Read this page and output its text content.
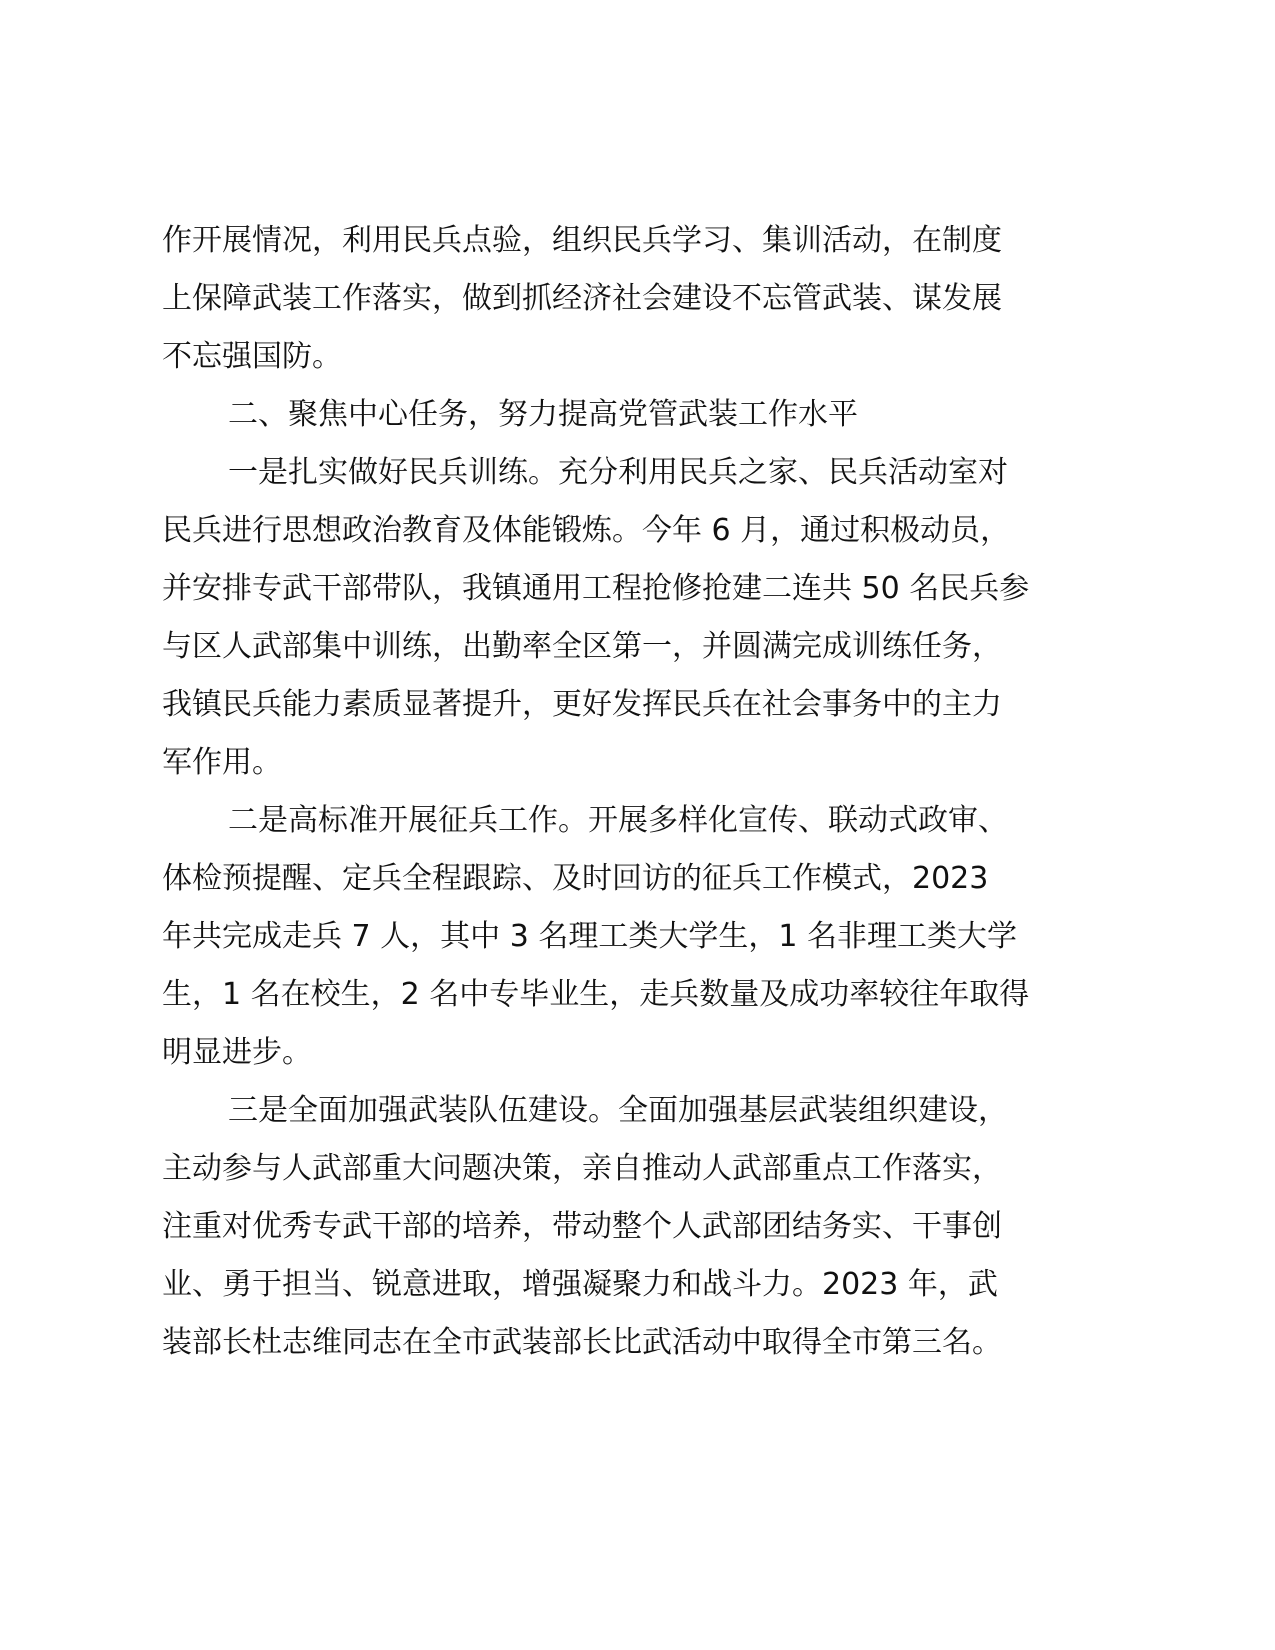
作开展情况，利用民兵点验，组织民兵学习、集训活动，在制度
上保障武装工作落实，做到抓经济社会建设不忘管武装、谋发展
不忘强国防。
二、聚焦中心任务，努力提高党管武装工作水平
一是扎实做好民兵训练。充分利用民兵之家、民兵活动室对
民兵进行思想政治教育及体能锻炼。今年 6 月，通过积极动员，
并安排专武干部带队，我镇通用工程抢修抢建二连共 50 名民兵参
与区人武部集中训练，出勤率全区第一，并圆满完成训练任务，
我镇民兵能力素质显著提升，更好发挥民兵在社会事务中的主力
军作用。
二是高标准开展征兵工作。开展多样化宣传、联动式政审、
体检预提醒、定兵全程跟踪、及时回访的征兵工作模式，2023
年共完成走兵 7 人，其中 3 名理工类大学生，1 名非理工类大学
生，1 名在校生，2 名中专毕业生，走兵数量及成功率较往年取得
明显进步。
三是全面加强武装队伍建设。全面加强基层武装组织建设，
主动参与人武部重大问题决策，亲自推动人武部重点工作落实，
注重对优秀专武干部的培养，带动整个人武部团结务实、干事创
业、勇于担当、锐意进取，增强凝聚力和战斗力。2023 年，武
装部长杜志维同志在全市武装部长比武活动中取得全市第三名。
